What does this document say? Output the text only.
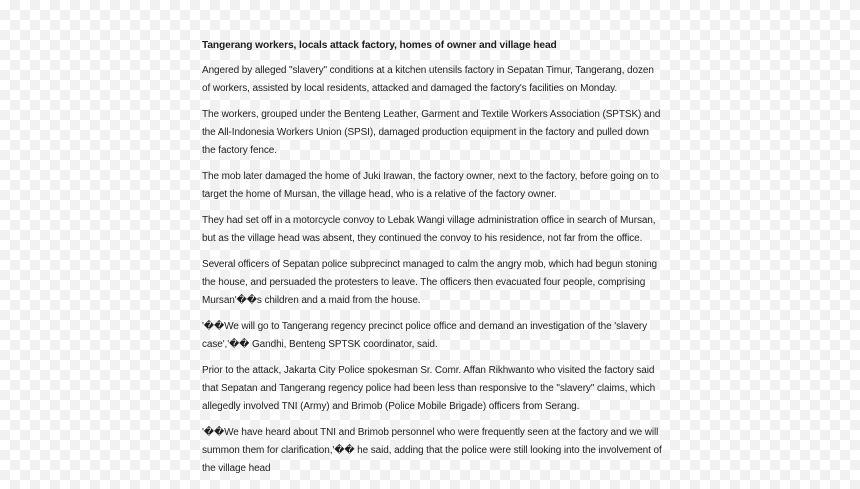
Tangerang workers, locals attack factory, homes of owner and village head

Angered by alleged "slavery" conditions at a kitchen utensils factory in Sepatan Timur, Tangerang, dozen of workers, assisted by local residents, attacked and damaged the factory's facilities on Monday.

The workers, grouped under the Benteng Leather, Garment and Textile Workers Association (SPTSK) and the All-Indonesia Workers Union (SPSI), damaged production equipment in the factory and pulled down the factory fence.

The mob later damaged the home of Juki Irawan, the factory owner, next to the factory, before going on to target the home of Mursan, the village head, who is a relative of the factory owner.

They had set off in a motorcycle convoy to Lebak Wangi village administration office in search of Mursan, but as the village head was absent, they continued the convoy to his residence, not far from the office.

Several officers of Sepatan police subprecinct managed to calm the angry mob, which had begun stoning the house, and persuaded the protesters to leave. The officers then evacuated four people, comprising Mursan'��s children and a maid from the house.

'��We will go to Tangerang regency precinct police office and demand an investigation of the 'slavery case','�� Gandhi, Benteng SPTSK coordinator, said.

Prior to the attack, Jakarta City Police spokesman Sr. Comr. Affan Rikhwanto who visited the factory said that Sepatan and Tangerang regency police had been less than responsive to the "slavery" claims, which allegedly involved TNI (Army) and Brimob (Police Mobile Brigade) officers from Serang.

'��We have heard about TNI and Brimob personnel who were frequently seen at the factory and we will summon them for clarification,'�� he said, adding that the police were still looking into the involvement of the village head
